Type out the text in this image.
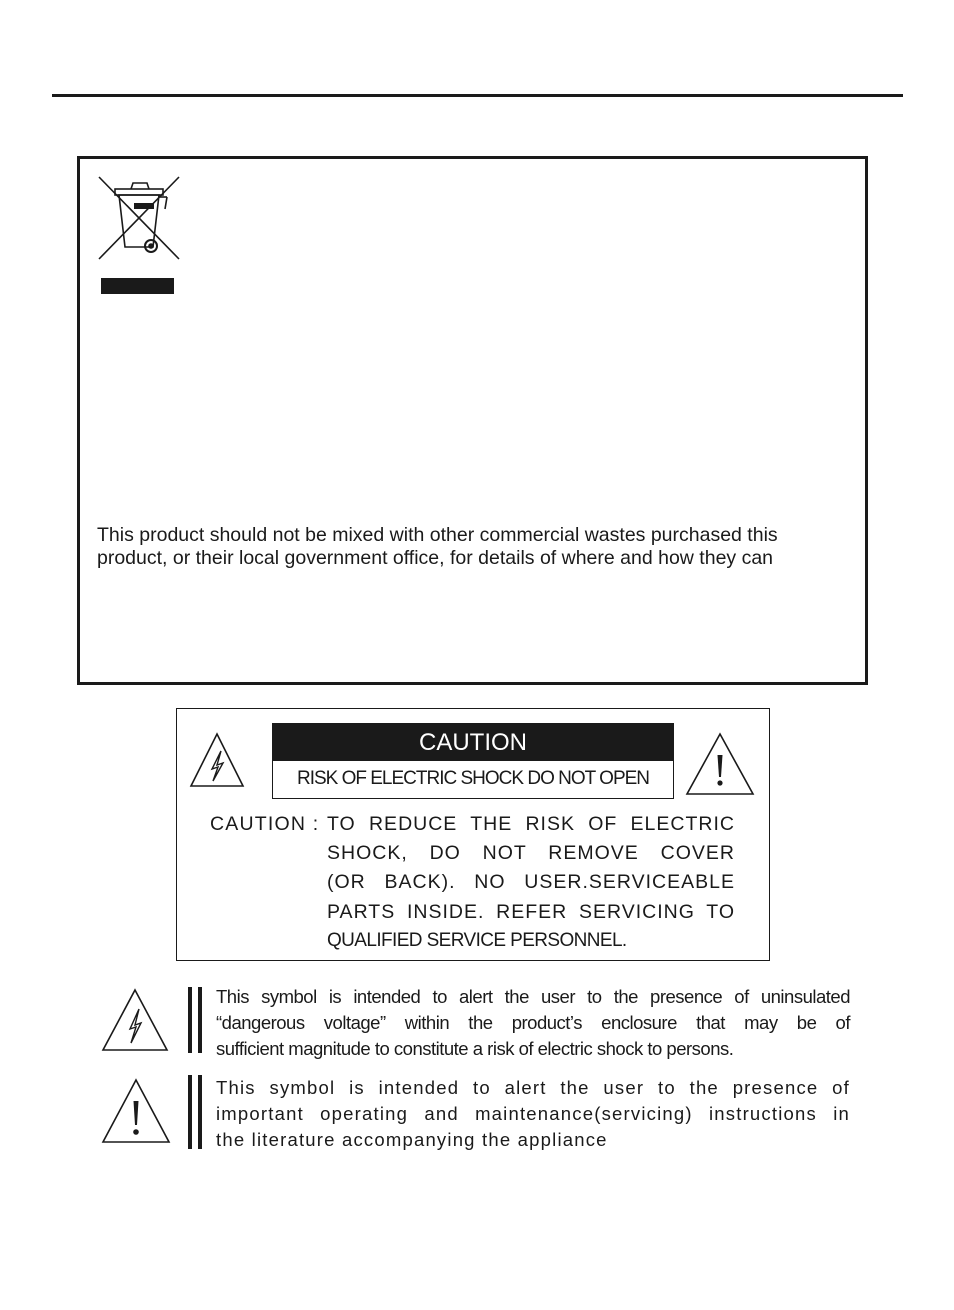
This product should not be mixed with other commercial wastes purchased this

product, or their local government office, for details of where and how they can

CAUTION
RISK OF ELECTRIC SHOCK DO NOT OPEN
CAUTION : TO REDUCE THE RISK OF ELECTRIC
SHOCK, DO NOT REMOVE COVER
(OR BACK). NO USER.SERVICEABLE
PARTS INSIDE. REFER SERVICING TO
QUALIFIED SERVICE PERSONNEL.
This symbol is intended to alert the user to the presence of uninsulated
“dangerous voltage” within the product’s enclosure that may be of
sufficient magnitude to constitute a risk of electric shock to persons.
This symbol is intended to alert the user to the presence of
important operating and maintenance(servicing) instructions in
the literature accompanying the appliance
